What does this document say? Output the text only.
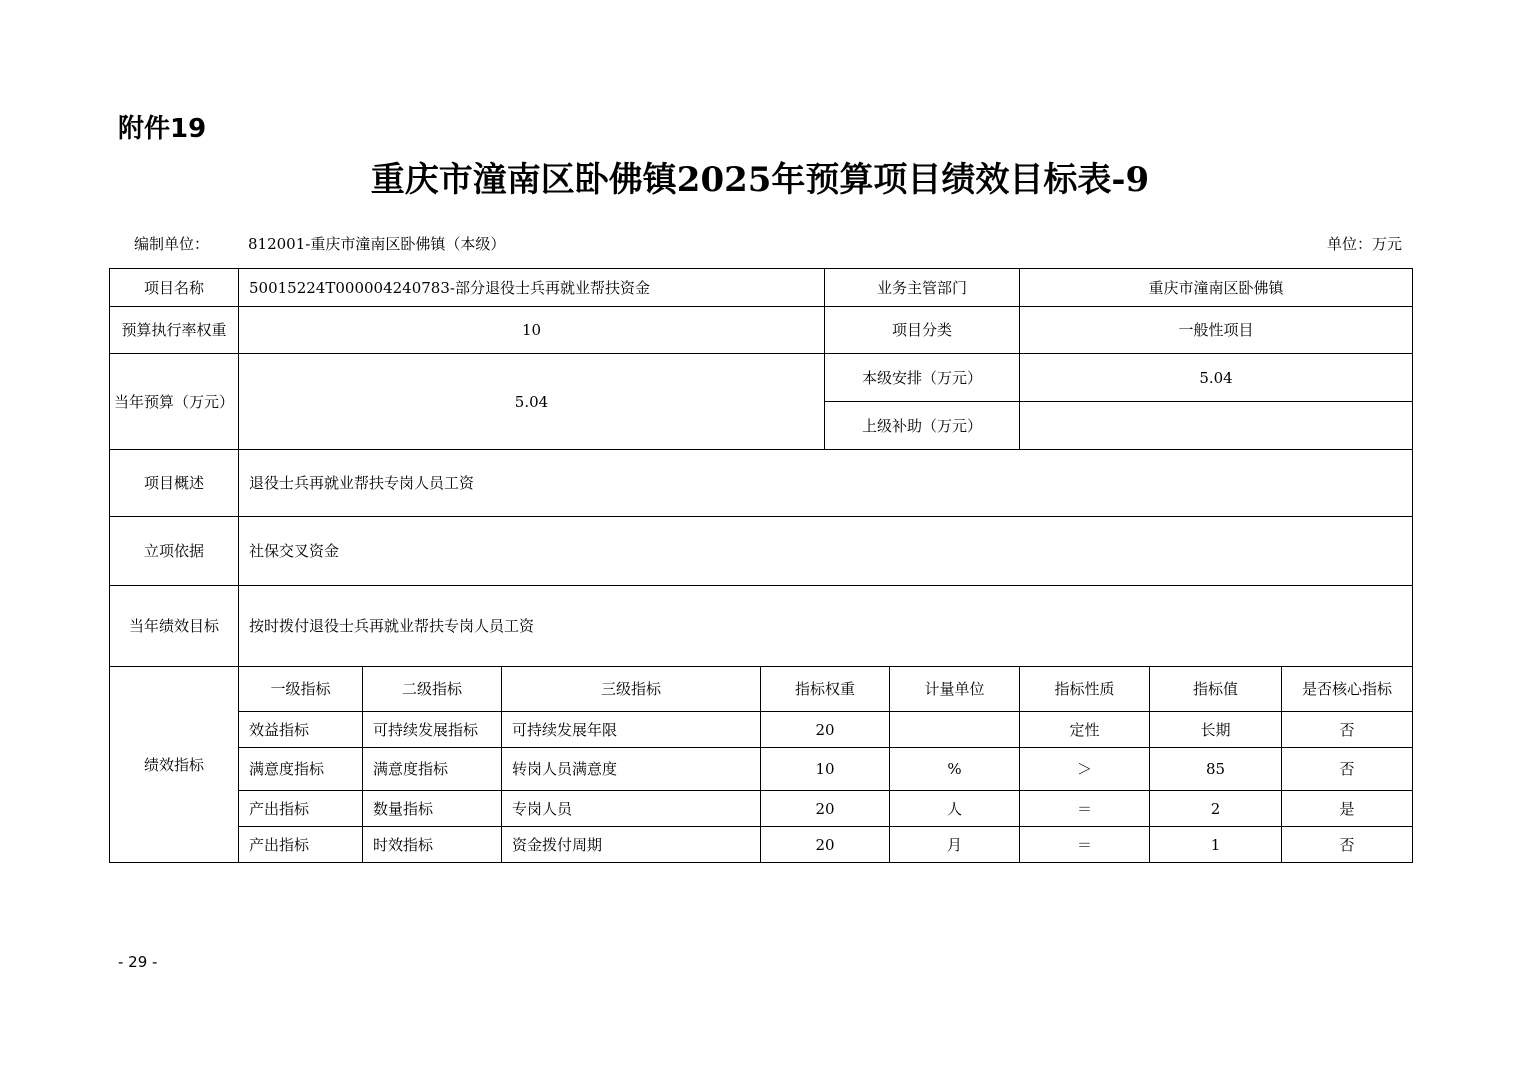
附件19
重庆市潼南区卧佛镇2025年预算项目绩效目标表-9
编制单位：	812001-重庆市潼南区卧佛镇（本级）	单位：万元
项目名称	50015224T000004240783-部分退役士兵再就业帮扶资金				业务主管部门		重庆市潼南区卧佛镇		
预算执行率权重	10				项目分类		一般性项目		
当年预算（万元）	5.04				本级安排（万元）		5.04		
					上级补助（万元）				
项目概述	退役士兵再就业帮扶专岗人员工资								
立项依据	社保交叉资金								
当年绩效目标	按时拨付退役士兵再就业帮扶专岗人员工资								
绩效指标	一级指标	二级指标	三级指标	指标权重		计量单位	指标性质	指标值	是否核心指标
	效益指标	可持续发展指标	可持续发展年限	20			定性	长期	否
	满意度指标	满意度指标	转岗人员满意度	10		%	＞	85	否
	产出指标	数量指标	专岗人员	20		人	＝	2	是
	产出指标	时效指标	资金拨付周期	20		月	＝	1	否
- 29 -
